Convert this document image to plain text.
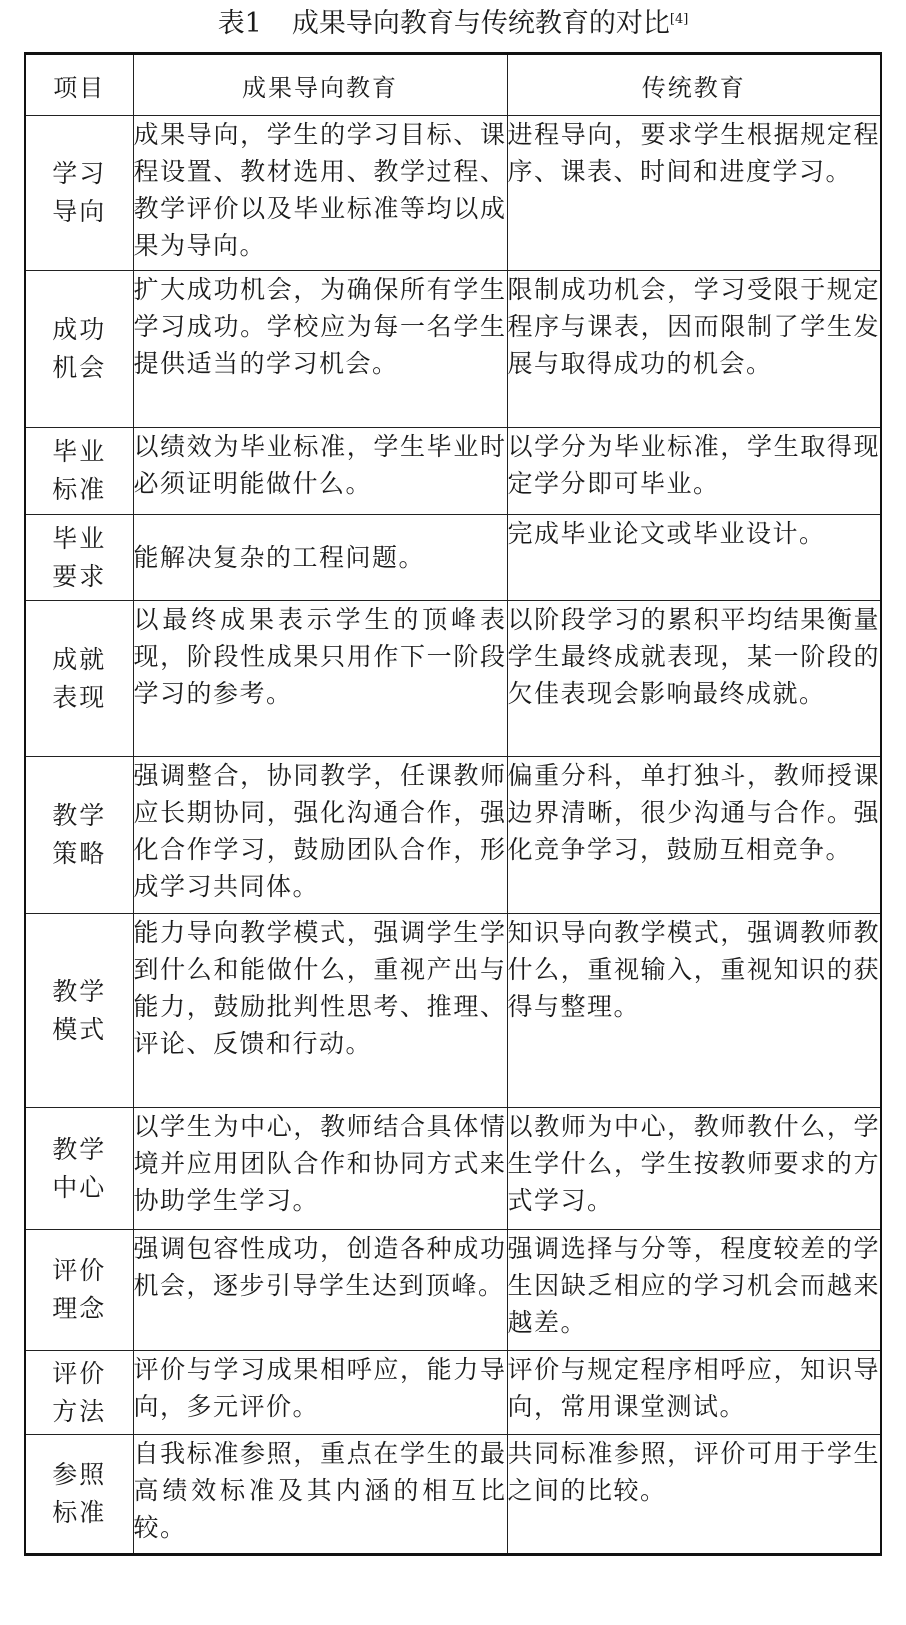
表1 成果导向教育与传统教育的对比[4]
项目	成果导向教育	传统教育
学习导向	成果导向，学生的学习目标、课程设置、教材选用、教学过程、教学评价以及毕业标准等均以成果为导向。	进程导向，要求学生根据规定程序、课表、时间和进度学习。
成功机会	扩大成功机会，为确保所有学生学习成功。学校应为每一名学生提供适当的学习机会。	限制成功机会，学习受限于规定程序与课表，因而限制了学生发展与取得成功的机会。
毕业标准	以绩效为毕业标准，学生毕业时必须证明能做什么。	以学分为毕业标准，学生取得现定学分即可毕业。
毕业要求	能解决复杂的工程问题。	完成毕业论文或毕业设计。
成就表现	以最终成果表示学生的顶峰表现，阶段性成果只用作下一阶段学习的参考。	以阶段学习的累积平均结果衡量学生最终成就表现，某一阶段的欠佳表现会影响最终成就。
教学策略	强调整合，协同教学，任课教师应长期协同，强化沟通合作，强化合作学习，鼓励团队合作，形成学习共同体。	偏重分科，单打独斗，教师授课边界清晰，很少沟通与合作。强化竞争学习，鼓励互相竞争。
教学模式	能力导向教学模式，强调学生学到什么和能做什么，重视产出与能力，鼓励批判性思考、推理、评论、反馈和行动。	知识导向教学模式，强调教师教什么，重视输入，重视知识的获得与整理。
教学中心	以学生为中心，教师结合具体情境并应用团队合作和协同方式来协助学生学习。	以教师为中心，教师教什么，学生学什么，学生按教师要求的方式学习。
评价理念	强调包容性成功，创造各种成功机会，逐步引导学生达到顶峰。	强调选择与分等，程度较差的学生因缺乏相应的学习机会而越来越差。
评价方法	评价与学习成果相呼应，能力导向，多元评价。	评价与规定程序相呼应，知识导向，常用课堂测试。
参照标准	自我标准参照，重点在学生的最高绩效标准及其内涵的相互比较。	共同标准参照，评价可用于学生之间的比较。
